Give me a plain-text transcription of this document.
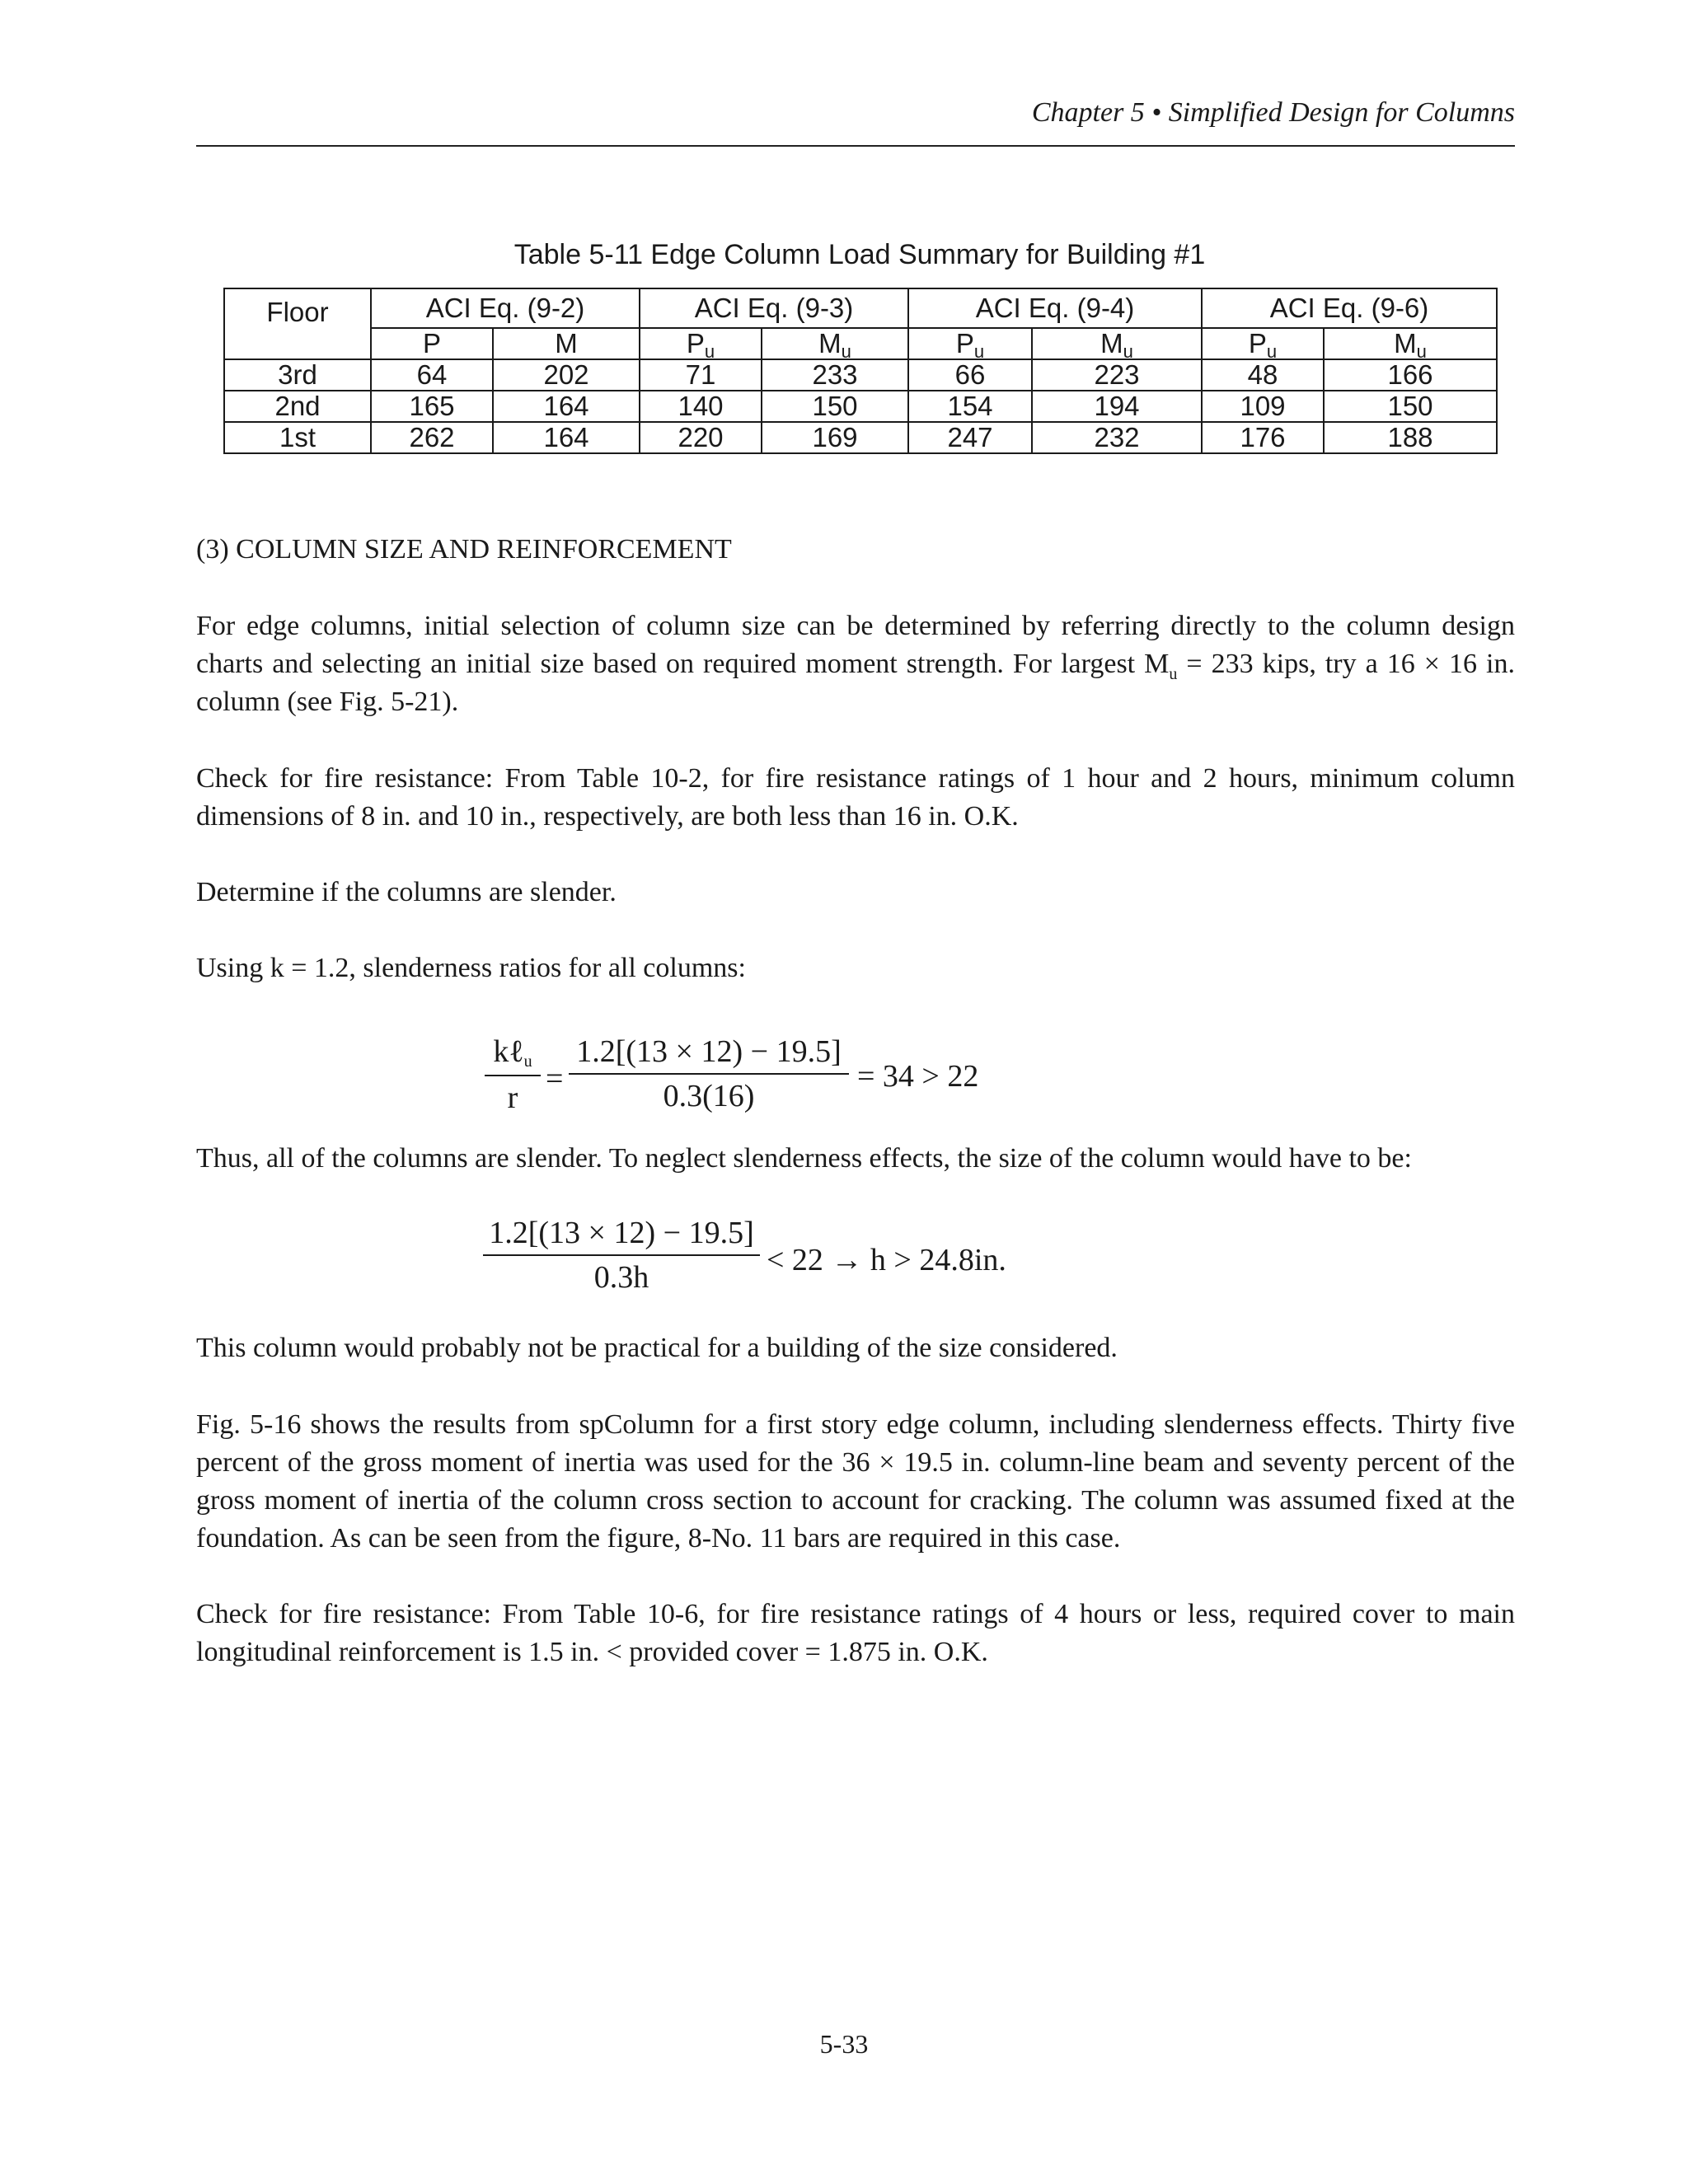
Chapter 5 • Simplified Design for Columns
Table 5-11 Edge Column Load Summary for Building #1
Floor	ACI Eq. (9-2)		ACI Eq. (9-3)		ACI Eq. (9-4)		ACI Eq. (9-6)	
	P	M	$P_u$	$M_u$	$P_u$	$M_u$	$P_u$	$M_u$
3rd	64	202	71	233	66	223	48	166
2nd	165	164	140	150	154	194	109	150
1st	262	164	220	169	247	232	176	188
(3) COLUMN SIZE AND REINFORCEMENT
For edge columns, initial selection of column size can be determined by referring directly to the column design charts and selecting an initial size based on required moment strength. For largest $M_u = 233$ kips, try a 16 × 16 in. column (see Fig. 5-21).
Check for fire resistance: From Table 10-2, for fire resistance ratings of 1 hour and 2 hours, minimum column dimensions of 8 in. and 10 in., respectively, are both less than 16 in. O.K.
Determine if the columns are slender.
Using k = 1.2, slenderness ratios for all columns:
kℓ$_u$
r
=
1.2[(13 × 12) − 19.5]
0.3(16)
= 34 > 22
Thus, all of the columns are slender. To neglect slenderness effects, the size of the column would have to be:
1.2[(13 × 12) − 19.5]
0.3h	< 22 → h > 24.8in.
This column would probably not be practical for a building of the size considered.
Fig. 5-16 shows the results from spColumn for a first story edge column, including slenderness effects. Thirty five percent of the gross moment of inertia was used for the 36 × 19.5 in. column-line beam and seventy percent of the gross moment of inertia of the column cross section to account for cracking. The column was assumed fixed at the foundation. As can be seen from the figure, 8-No. 11 bars are required in this case.
Check for fire resistance: From Table 10-6, for fire resistance ratings of 4 hours or less, required cover to main longitudinal reinforcement is 1.5 in. < provided cover = 1.875 in. O.K.
5-33
